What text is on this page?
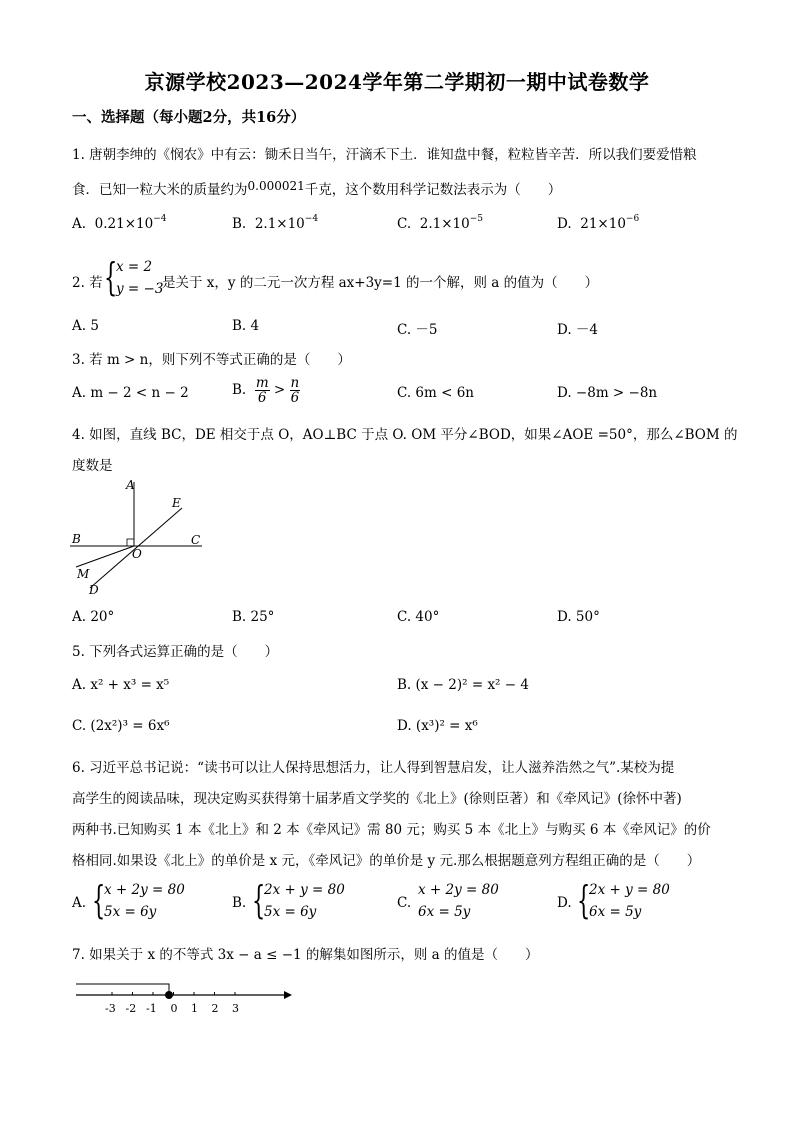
京源学校2023—2024学年第二学期初一期中试卷数学
一、选择题（每小题2分，共16分）
1. 唐朝李绅的《悯农》中有云：锄禾日当午，汗滴禾下土．谁知盘中餐，粒粒皆辛苦．所以我们要爱惜粮
食．已知一粒大米的质量约为0.000021千克，这个数用科学记数法表示为（　　）
A. $0.21\times 10^{-4}$	B. $2.1\times 10^{-4}$	C. $2.1\times 10^{-5}$	D. $21\times 10^{-6}$
2. 若 {
x = 2
y = −3
是关于 x，y 的二元一次方程 ax+3y=1 的一个解，则 a 的值为（　　）
A. 5	B. 4	C. －5	D. －4
3. 若 m > n，则下列不等式正确的是（　　）
A. m − 2 < n − 2	B. $\frac{m}{6} > \frac{n}{6}$	C. 6m < 6n	D. −8m > −8n
4. 如图，直线 BC，DE 相交于点 O，AO⊥BC 于点 O. OM 平分∠BOD，如果∠AOE =50°，那么∠BOM 的
度数是
A
E
B	C
O
M
D
A. 20°	B. 25°	C. 40°	D. 50°
5. 下列各式运算正确的是（　　）
A. x² + x³ = x⁵	B. (x − 2)² = x² − 4
C. (2x²)³ = 6x⁶	D. (x³)² = x⁶
6. 习近平总书记说：“读书可以让人保持思想活力，让人得到智慧启发，让人滋养浩然之气”.某校为提
高学生的阅读品味，现决定购买获得第十届茅盾文学奖的《北上》(徐则臣著）和《牵风记》(徐怀中著)
两种书.已知购买 1 本《北上》和 2 本《牵风记》需 80 元；购买 5 本《北上》与购买 6 本《牵风记》的价
格相同.如果设《北上》的单价是 x 元，《牵风记》的单价是 y 元.那么根据题意列方程组正确的是（　　）
A. {
x + 2y = 80
5x = 6y
B. {
2x + y = 80
5x = 6y
C.
x + 2y = 80
6x = 5y
D. {
2x + y = 80
6x = 5y
7. 如果关于 x 的不等式 3x − a ≤ −1 的解集如图所示，则 a 的值是（　　）
-3 -2 -1 0 1 2 3
